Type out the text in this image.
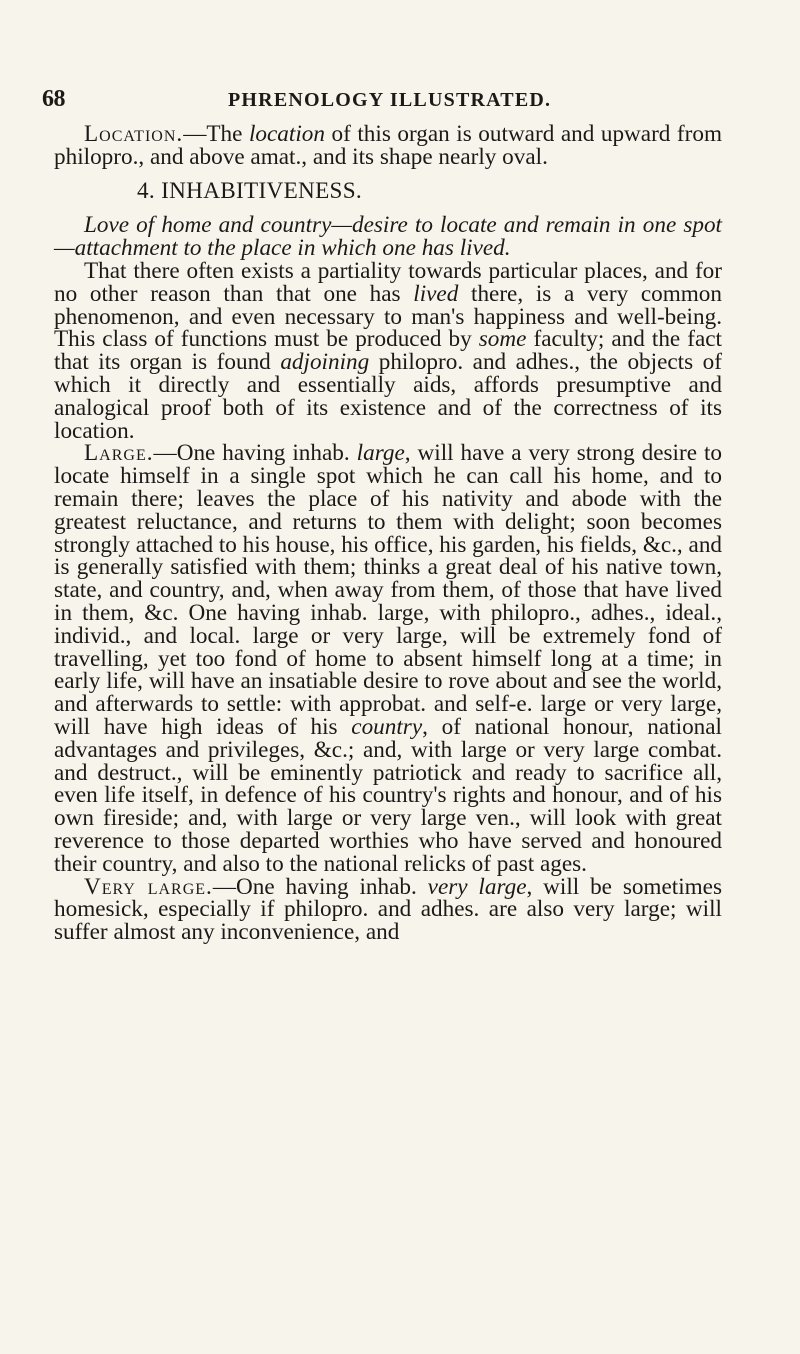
68	PHRENOLOGY ILLUSTRATED.

Location.—The location of this organ is outward and upward from philopro., and above amat., and its shape nearly oval.

4. INHABITIVENESS.

Love of home and country—desire to locate and remain in one spot—attachment to the place in which one has lived.

That there often exists a partiality towards particular places, and for no other reason than that one has lived there, is a very common phenomenon, and even necessary to man's happiness and well-being. This class of functions must be produced by some faculty; and the fact that its organ is found adjoining philopro. and adhes., the objects of which it directly and essentially aids, affords presumptive and analogical proof both of its existence and of the correctness of its location.

Large.—One having inhab. large, will have a very strong desire to locate himself in a single spot which he can call his home, and to remain there; leaves the place of his nativity and abode with the greatest reluctance, and returns to them with delight; soon becomes strongly attached to his house, his office, his garden, his fields, &c., and is generally satisfied with them; thinks a great deal of his native town, state, and country, and, when away from them, of those that have lived in them, &c. One having inhab. large, with philopro., adhes., ideal., individ., and local. large or very large, will be extremely fond of travelling, yet too fond of home to absent himself long at a time; in early life, will have an insatiable desire to rove about and see the world, and afterwards to settle: with approbat. and self-e. large or very large, will have high ideas of his country, of national honour, national advantages and privileges, &c.; and, with large or very large combat. and destruct., will be eminently patriotick and ready to sacrifice all, even life itself, in defence of his country's rights and honour, and of his own fireside; and, with large or very large ven., will look with great reverence to those departed worthies who have served and honoured their country, and also to the national relicks of past ages.

Very large.—One having inhab. very large, will be sometimes homesick, especially if philopro. and adhes. are also very large; will suffer almost any inconvenience, and
